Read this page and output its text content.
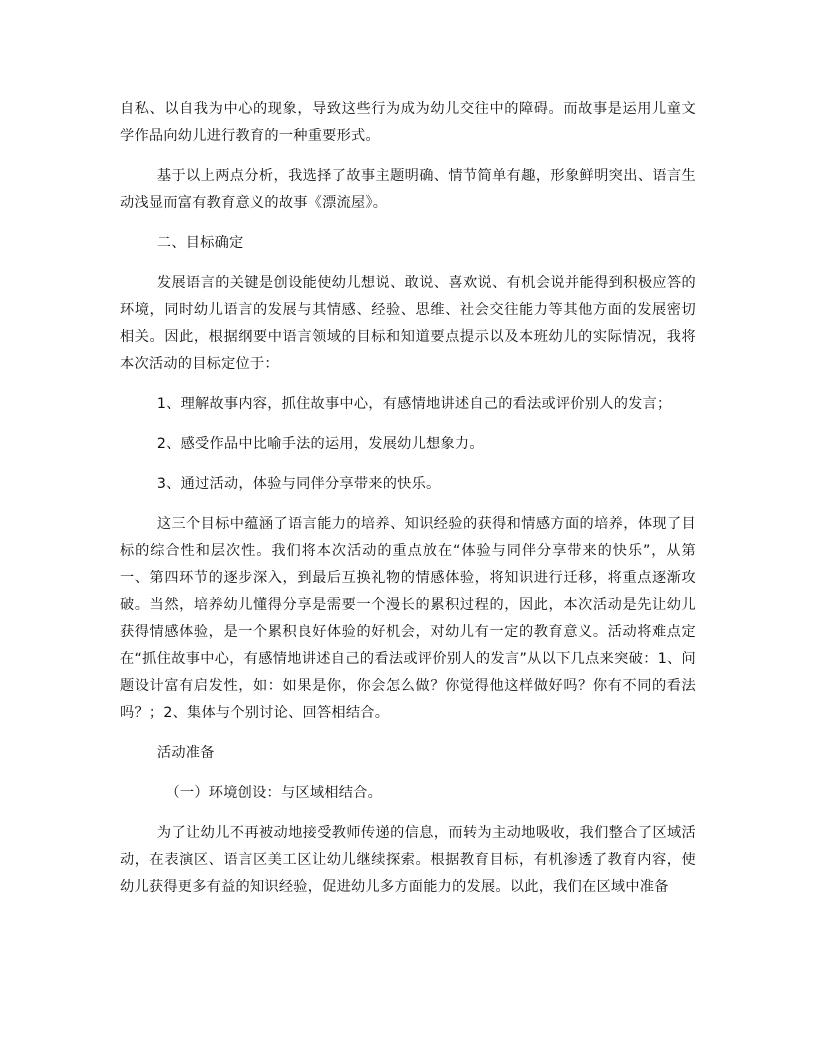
自私、以自我为中心的现象，导致这些行为成为幼儿交往中的障碍。而故事是运用儿童文学作品向幼儿进行教育的一种重要形式。

基于以上两点分析，我选择了故事主题明确、情节简单有趣，形象鲜明突出、语言生动浅显而富有教育意义的故事《漂流屋》。

二、目标确定

发展语言的关键是创设能使幼儿想说、敢说、喜欢说、有机会说并能得到积极应答的环境，同时幼儿语言的发展与其情感、经验、思维、社会交往能力等其他方面的发展密切相关。因此，根据纲要中语言领域的目标和知道要点提示以及本班幼儿的实际情况，我将本次活动的目标定位于：

1、理解故事内容，抓住故事中心，有感情地讲述自己的看法或评价别人的发言；

2、感受作品中比喻手法的运用，发展幼儿想象力。

3、通过活动，体验与同伴分享带来的快乐。

这三个目标中蕴涵了语言能力的培养、知识经验的获得和情感方面的培养，体现了目标的综合性和层次性。我们将本次活动的重点放在“体验与同伴分享带来的快乐”，从第一、第四环节的逐步深入，到最后互换礼物的情感体验，将知识进行迁移，将重点逐渐攻破。当然，培养幼儿懂得分享是需要一个漫长的累积过程的，因此，本次活动是先让幼儿获得情感体验，是一个累积良好体验的好机会，对幼儿有一定的教育意义。活动将难点定在“抓住故事中心，有感情地讲述自己的看法或评价别人的发言”从以下几点来突破：1、问题设计富有启发性，如：如果是你，你会怎么做？你觉得他这样做好吗？你有不同的看法吗？；2、集体与个别讨论、回答相结合。

活动准备

（一）环境创设：与区域相结合。

为了让幼儿不再被动地接受教师传递的信息，而转为主动地吸收，我们整合了区域活动，在表演区、语言区美工区让幼儿继续探索。根据教育目标，有机渗透了教育内容，使幼儿获得更多有益的知识经验，促进幼儿多方面能力的发展。以此，我们在区域中准备
